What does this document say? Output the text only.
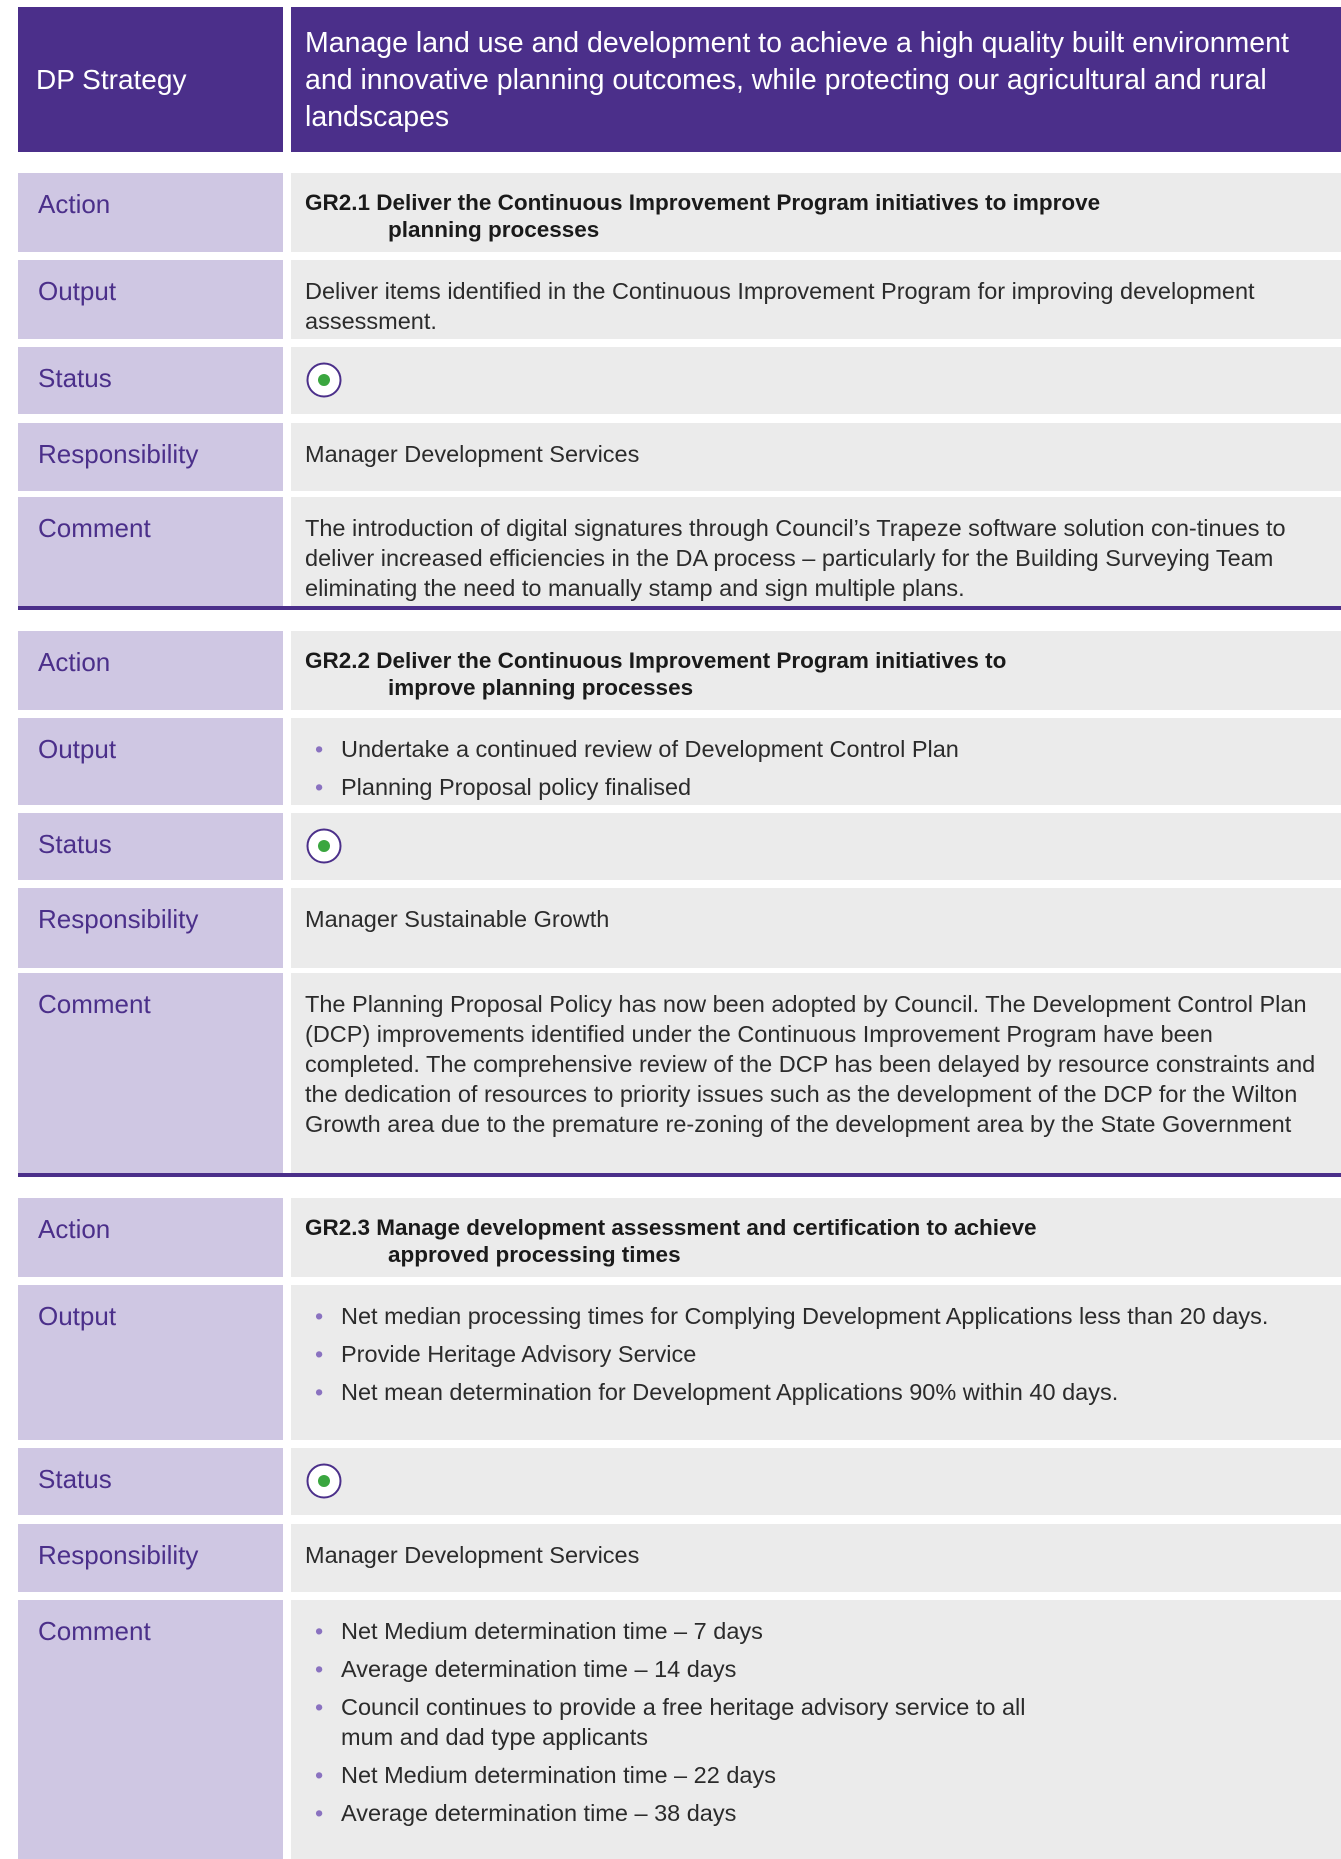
DP Strategy
Manage land use and development to achieve a high quality built environment and innovative planning outcomes, while protecting our agricultural and rural landscapes
Action	GR2.1 Deliver the Continuous Improvement Program initiatives to improve
planning processes
Output	Deliver items identified in the Continuous Improvement Program for improving development assessment.
Status
Responsibility	Manager Development Services
Comment	The introduction of digital signatures through Council’s Trapeze software solution con-tinues to deliver increased efficiencies in the DA process – particularly for the Building Surveying Team eliminating the need to manually stamp and sign multiple plans.
Action	GR2.2 Deliver the Continuous Improvement Program initiatives to
improve planning processes
Output	• Undertake a continued review of Development Control Plan
• Planning Proposal policy finalised
Status
Responsibility	Manager Sustainable Growth
Comment	The Planning Proposal Policy has now been adopted by Council. The Development Control Plan (DCP) improvements identified under the Continuous Improvement Program have been completed. The comprehensive review of the DCP has been delayed by resource constraints and the dedication of resources to priority issues such as the development of the DCP for the Wilton Growth area due to the premature re-zoning of the development area by the State Government
Action	GR2.3 Manage development assessment and certification to achieve
approved processing times
Output	• Net median processing times for Complying Development Applications less than 20 days.
• Provide Heritage Advisory Service
• Net mean determination for Development Applications 90% within 40 days.
Status
Responsibility	Manager Development Services
Comment	• Net Medium determination time – 7 days
• Average determination time – 14 days
• Council continues to provide a free heritage advisory service to all mum and dad type applicants
• Net Medium determination time – 22 days
• Average determination time – 38 days
